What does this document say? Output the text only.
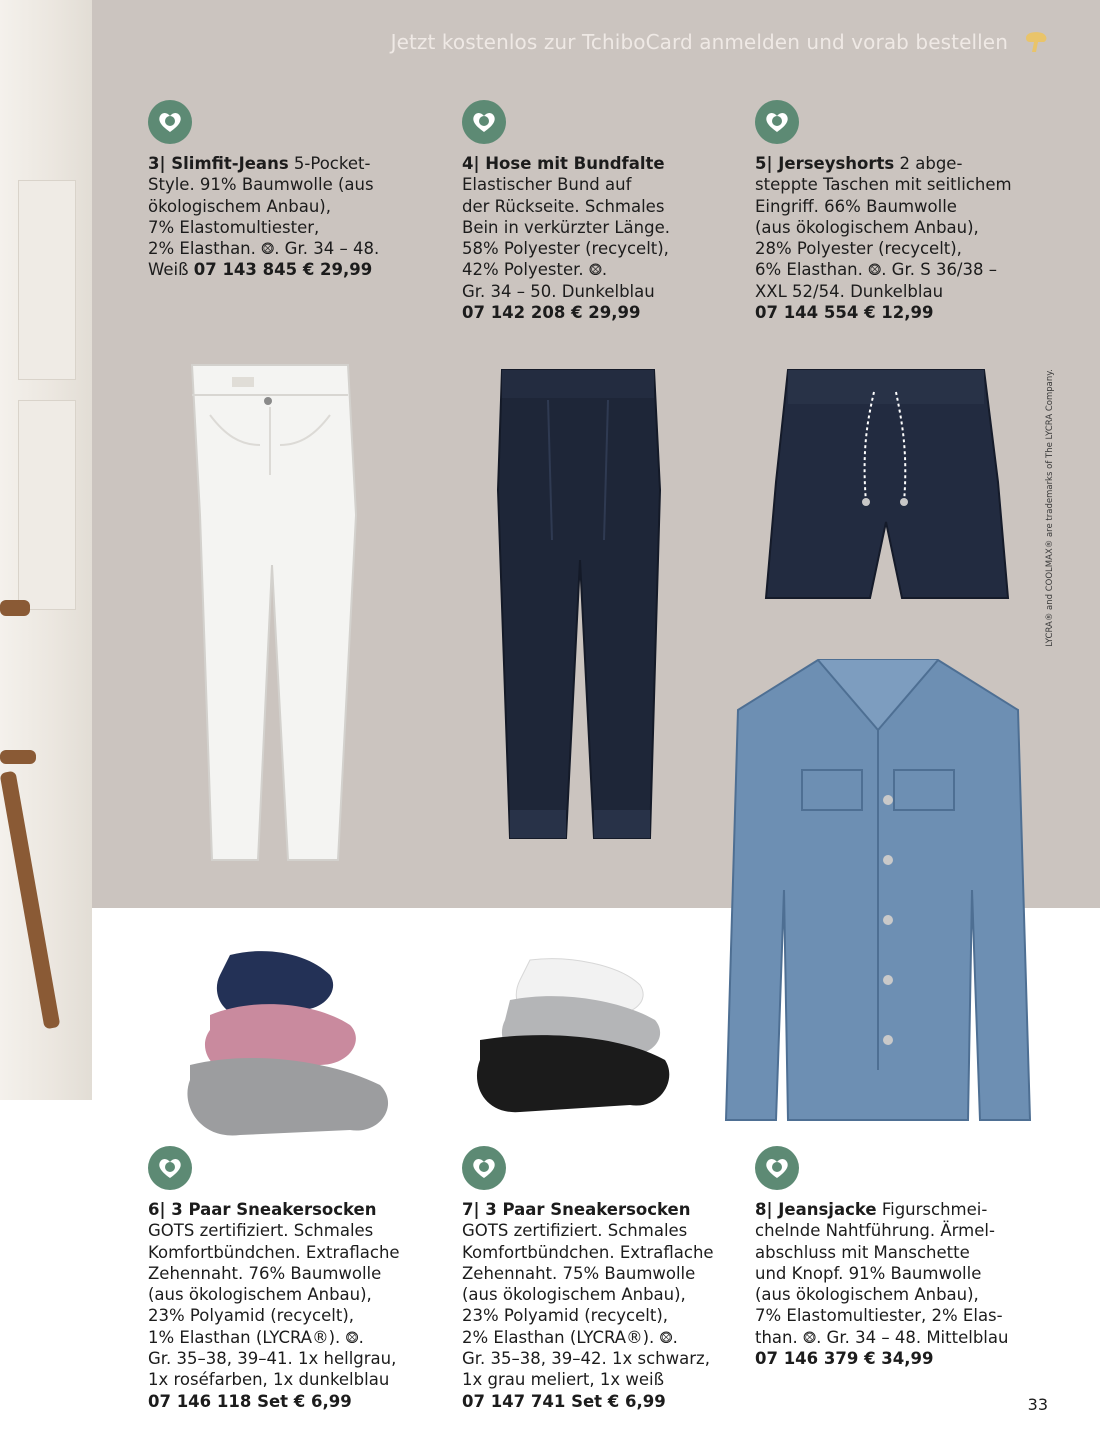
Jetzt kostenlos zur TchiboCard anmelden und vorab bestellen
3| Slimfit-Jeans 5-Pocket-
Style. 91% Baumwolle (aus
ökologischem Anbau),
7% Elastomultiester,
2% Elasthan. ⨷. Gr. 34 – 48.
Weiß 07 143 845 € 29,99
4| Hose mit Bundfalte
Elastischer Bund auf
der Rückseite. Schmales
Bein in verkürzter Länge.
58% Polyester (recycelt),
42% Polyester. ⨷.
Gr. 34 – 50. Dunkelblau
07 142 208 € 29,99
5| Jerseyshorts 2 abge-
steppte Taschen mit seitlichem
Eingriff. 66% Baumwolle
(aus ökologischem Anbau),
28% Polyester (recycelt),
6% Elasthan. ⨷. Gr. S 36/38 –
XXL 52/54. Dunkelblau
07 144 554 € 12,99
6| 3 Paar Sneakersocken
GOTS zertifiziert. Schmales
Komfortbündchen. Extraflache
Zehennaht. 76% Baumwolle
(aus ökologischem Anbau),
23% Polyamid (recycelt),
1% Elasthan (LYCRA®). ⨷.
Gr. 35–38, 39–41. 1x hellgrau,
1x roséfarben, 1x dunkelblau
07 146 118 Set € 6,99
7| 3 Paar Sneakersocken
GOTS zertifiziert. Schmales
Komfortbündchen. Extraflache
Zehennaht. 75% Baumwolle
(aus ökologischem Anbau),
23% Polyamid (recycelt),
2% Elasthan (LYCRA®). ⨷.
Gr. 35–38, 39–42. 1x schwarz,
1x grau meliert, 1x weiß
07 147 741 Set € 6,99
8| Jeansjacke Figurschmei-
chelnde Nahtführung. Ärmel-
abschluss mit Manschette
und Knopf. 91% Baumwolle
(aus ökologischem Anbau),
7% Elastomultiester, 2% Elas-
than. ⨷. Gr. 34 – 48. Mittelblau
07 146 379 € 34,99
LYCRA® and COOLMAX® are trademarks of The LYCRA Company.
33
